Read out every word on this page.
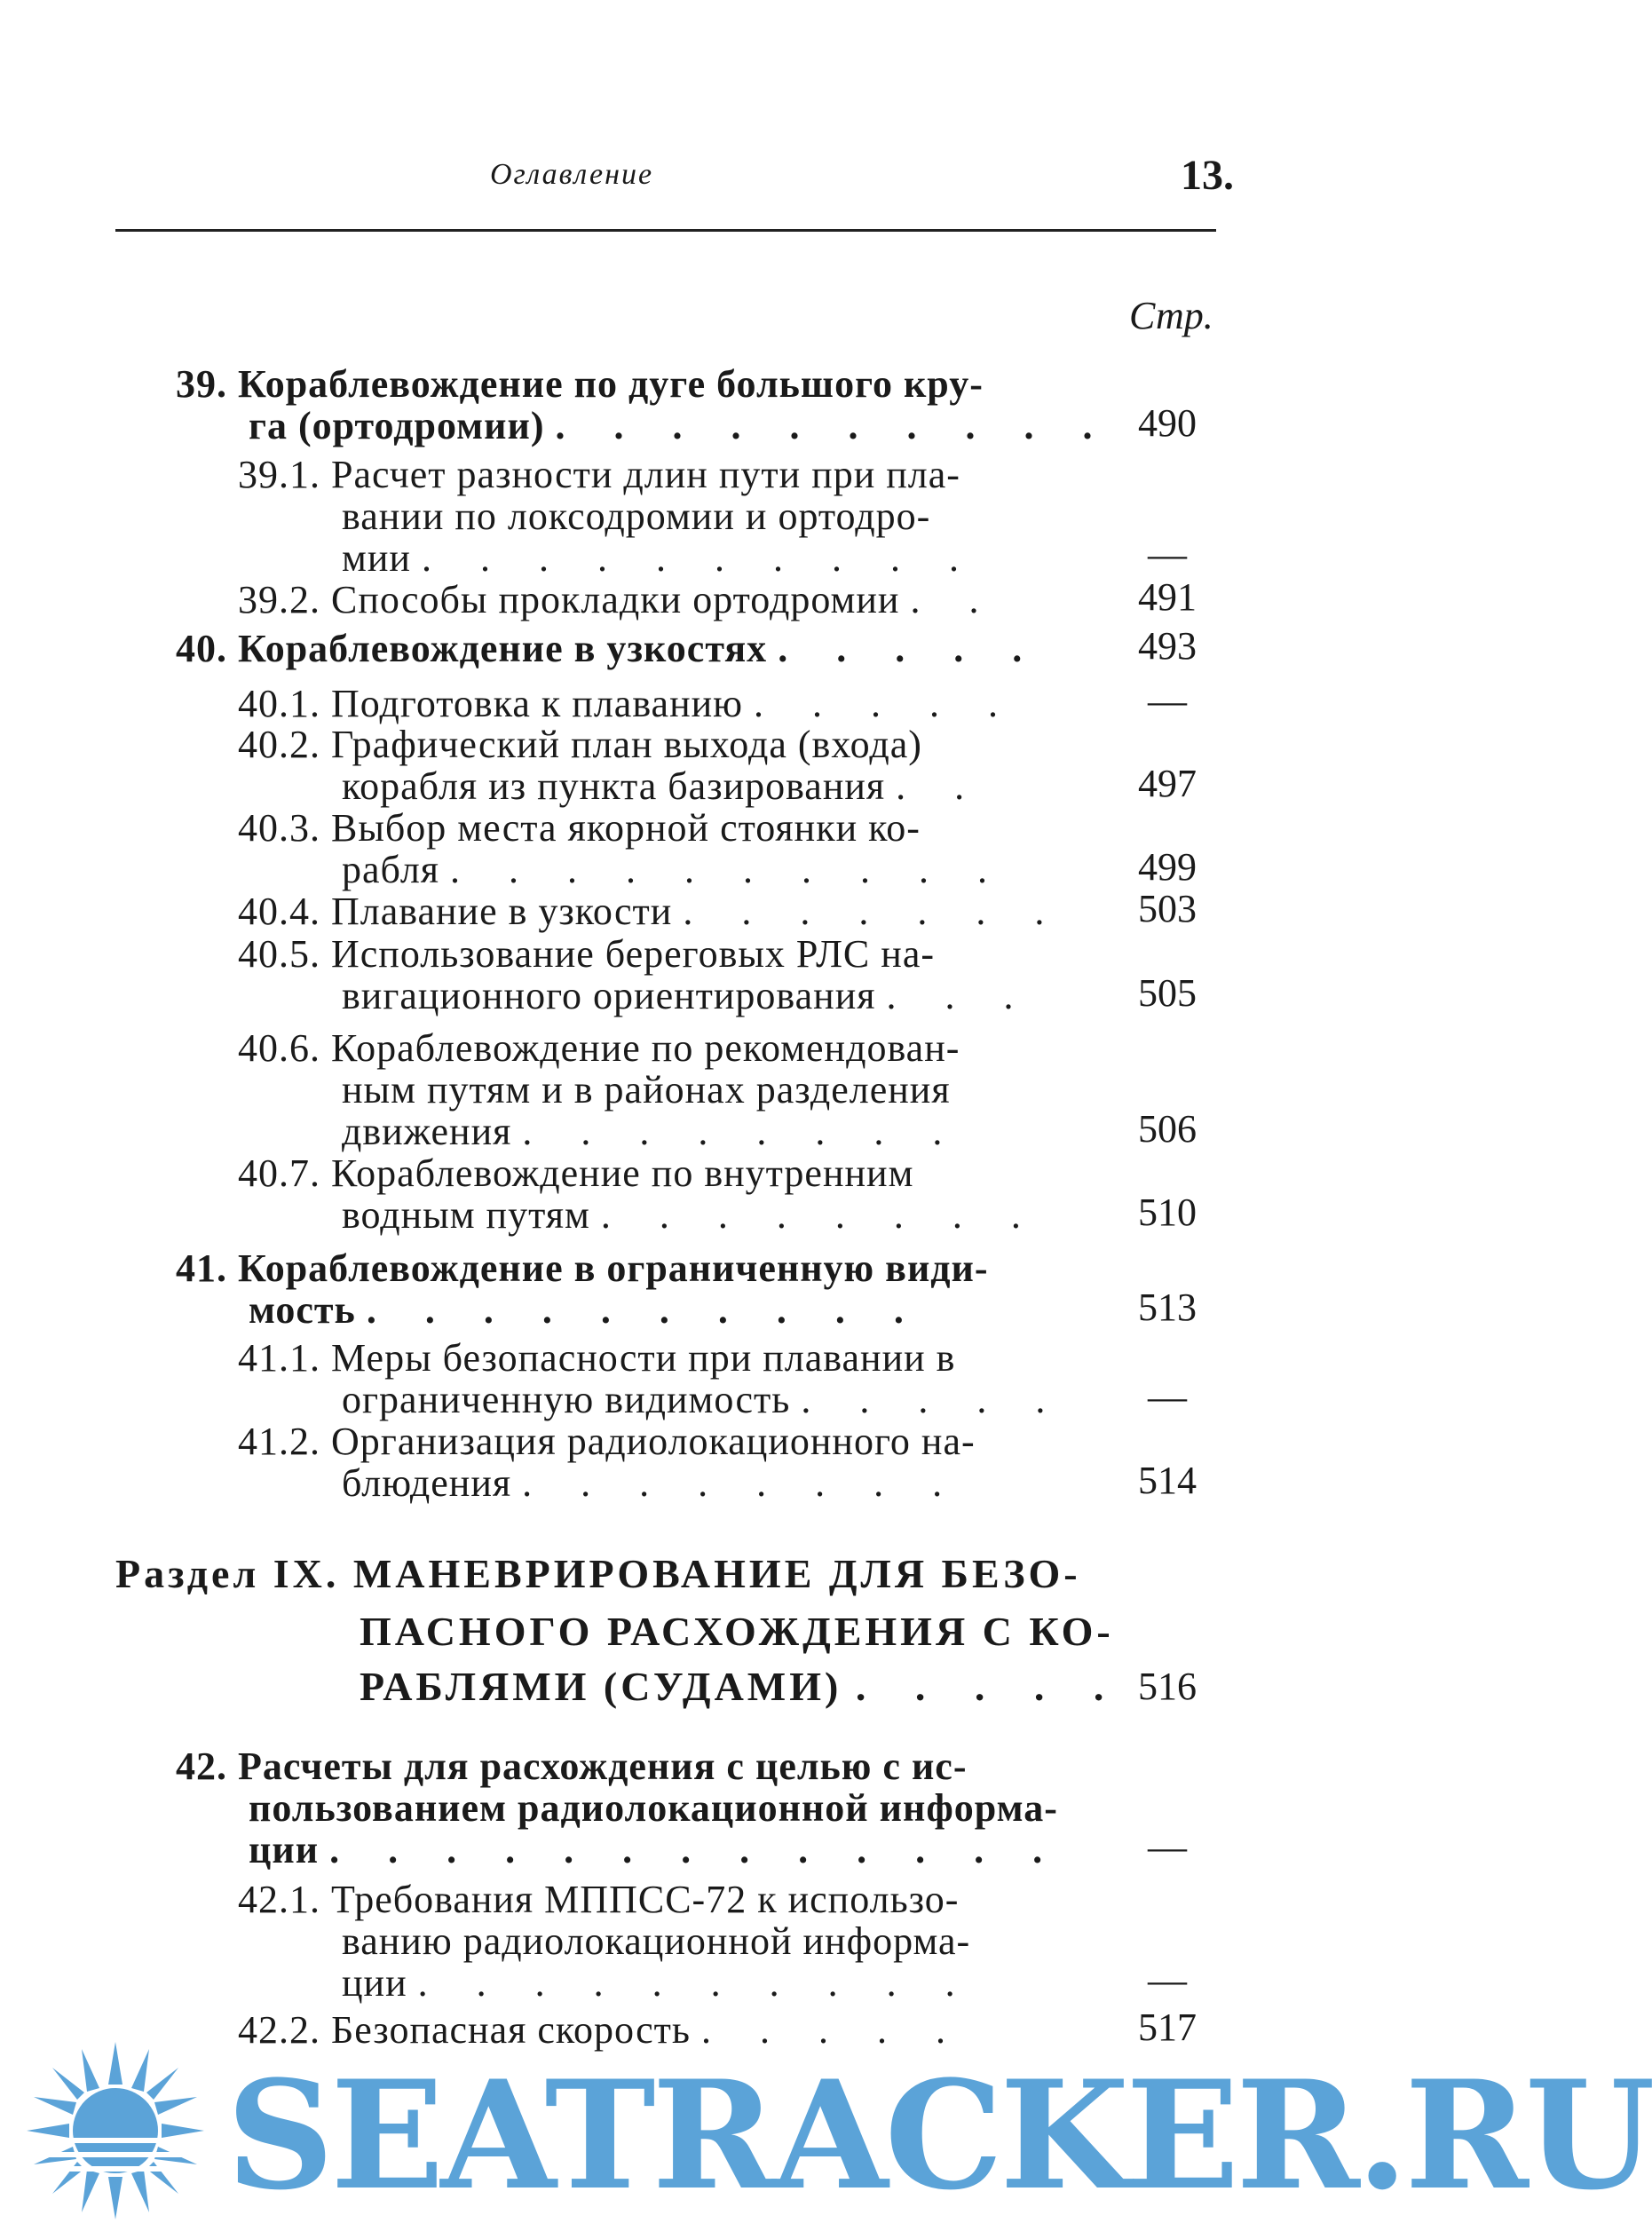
Оглавление	13.
Стр.
39. Кораблевождение по дуге большого кру-
га (ортодромии) . . . . . . . . . . 490
39.1. Расчет разности длин пути при пла-
вании по локсодромии и ортодро-
мии . . . . . . . . . .	—
39.2. Способы прокладки ортодромии . .	491
40. Кораблевождение в узкостях . . . . . 493
40.1. Подготовка к плаванию . . . . .	—
40.2. Графический план выхода (входа)
корабля из пункта базирования . .	497
40.3. Выбор места якорной стоянки ко-
рабля . . . . . . . . . .	499
40.4. Плавание в узкости . . . . . . . 503
40.5. Использование береговых РЛС на-
вигационного ориентирования . . .	505
40.6. Кораблевождение по рекомендован-
ным путям и в районах разделения
движения . . . . . . . .	506
40.7. Кораблевождение по внутренним
водным путям . . . . . . . .	510
41. Кораблевождение в ограниченную види-
мость . . . . . . . . . .	513
41.1. Меры безопасности при плавании в
ограниченную видимость . . . . .	—
41.2. Организация радиолокационного на-
блюдения . . . . . . . .	514
Раздел IX. МАНЕВРИРОВАНИЕ ДЛЯ БЕЗО-
ПАСНОГО РАСХОЖДЕНИЯ С КО-
РАБЛЯМИ (СУДАМИ) . . . . . 516
42. Расчеты для расхождения с целью с ис-
пользованием радиолокационной информа-
ции . . . . . . . . . . . . .	—
42.1. Требования МППСС-72 к использо-
ванию радиолокационной информа-
ции . . . . . . . . . .	—
42.2. Безопасная скорость . . . . .	517
SEATRACKER.RU
